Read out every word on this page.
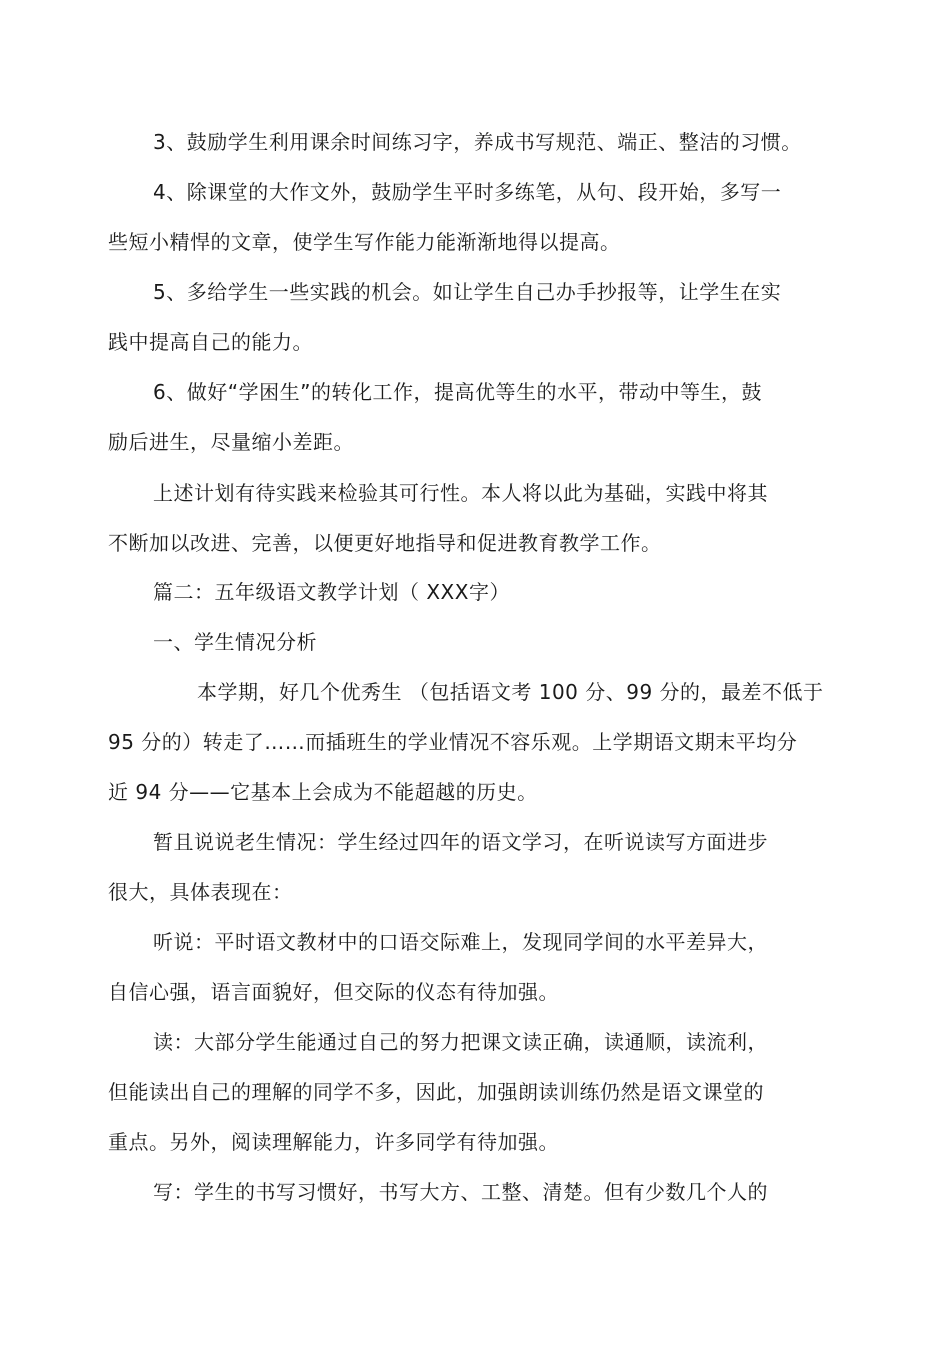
3、鼓励学生利用课余时间练习字，养成书写规范、端正、整洁的习惯。
4、除课堂的大作文外，鼓励学生平时多练笔，从句、段开始，多写一
些短小精悍的文章，使学生写作能力能渐渐地得以提高。
5、多给学生一些实践的机会。如让学生自己办手抄报等，让学生在实
践中提高自己的能力。
6、做好“学困生”的转化工作，提高优等生的水平，带动中等生，鼓
励后进生，尽量缩小差距。
上述计划有待实践来检验其可行性。本人将以此为基础，实践中将其
不断加以改进、完善，以便更好地指导和促进教育教学工作。
篇二：五年级语文教学计划（ XXX字）
一、学生情况分析
本学期，好几个优秀生 （包括语文考 100 分、99 分的，最差不低于
95 分的）转走了……而插班生的学业情况不容乐观。上学期语文期末平均分
近 94 分——它基本上会成为不能超越的历史。
暂且说说老生情况：学生经过四年的语文学习，在听说读写方面进步
很大，具体表现在：
听说：平时语文教材中的口语交际难上，发现同学间的水平差异大，
自信心强，语言面貌好，但交际的仪态有待加强。
读：大部分学生能通过自己的努力把课文读正确，读通顺，读流利，
但能读出自己的理解的同学不多，因此，加强朗读训练仍然是语文课堂的
重点。另外，阅读理解能力，许多同学有待加强。
写：学生的书写习惯好，书写大方、工整、清楚。但有少数几个人的
